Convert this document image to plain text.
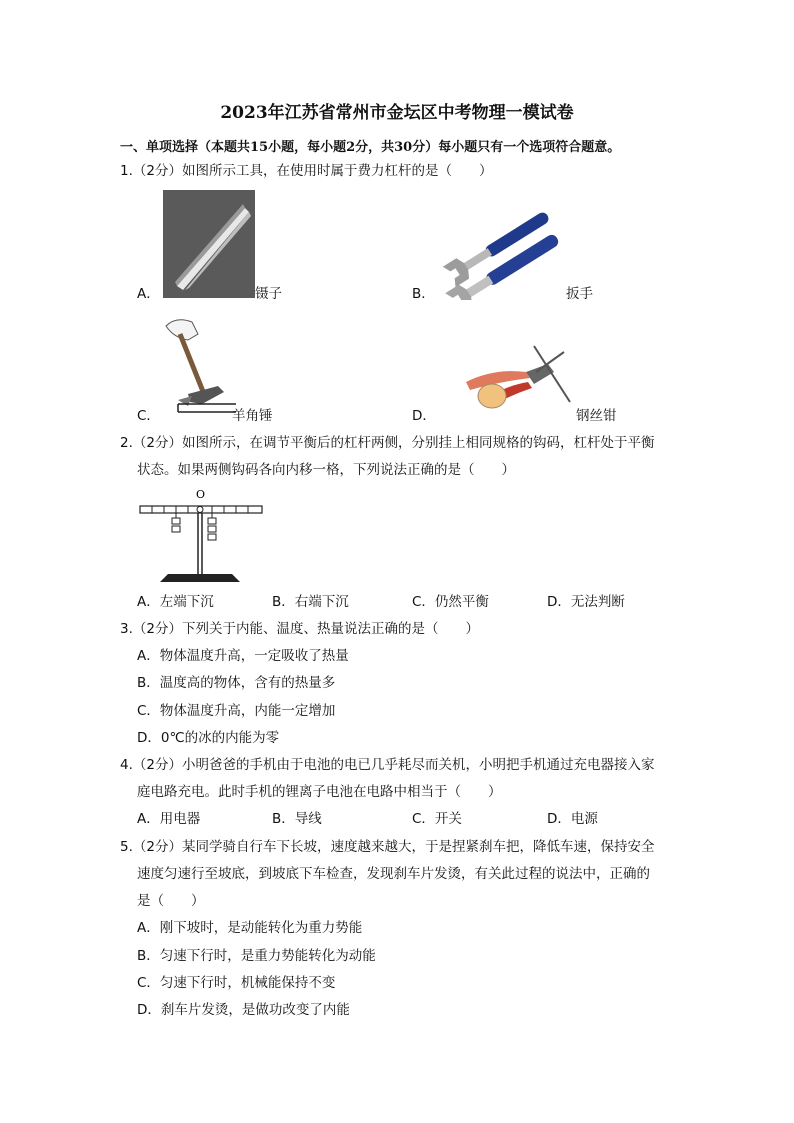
2023年江苏省常州市金坛区中考物理一模试卷
一、单项选择（本题共15小题，每小题2分，共30分）每小题只有一个选项符合题意。
1.（2分）如图所示工具，在使用时属于费力杠杆的是（　　）
A．	镊子	B．	扳手
C．	羊角锤	D．	钢丝钳
2.（2分）如图所示，在调节平衡后的杠杆两侧，分别挂上相同规格的钩码，杠杆处于平衡
状态。如果两侧钩码各向内移一格，下列说法正确的是（　　）
O
A．左端下沉	B．右端下沉	C．仍然平衡	D．无法判断
3.（2分）下列关于内能、温度、热量说法正确的是（　　）
A．物体温度升高，一定吸收了热量
B．温度高的物体，含有的热量多
C．物体温度升高，内能一定增加
D．0℃的冰的内能为零
4.（2分）小明爸爸的手机由于电池的电已几乎耗尽而关机，小明把手机通过充电器接入家
庭电路充电。此时手机的锂离子电池在电路中相当于（　　）
A．用电器	B．导线	C．开关	D．电源
5.（2分）某同学骑自行车下长坡，速度越来越大，于是捏紧刹车把，降低车速，保持安全
速度匀速行至坡底，到坡底下车检查，发现刹车片发烫，有关此过程的说法中，正确的
是（　　）
A．刚下坡时，是动能转化为重力势能
B．匀速下行时，是重力势能转化为动能
C．匀速下行时，机械能保持不变
D．刹车片发烫，是做功改变了内能
